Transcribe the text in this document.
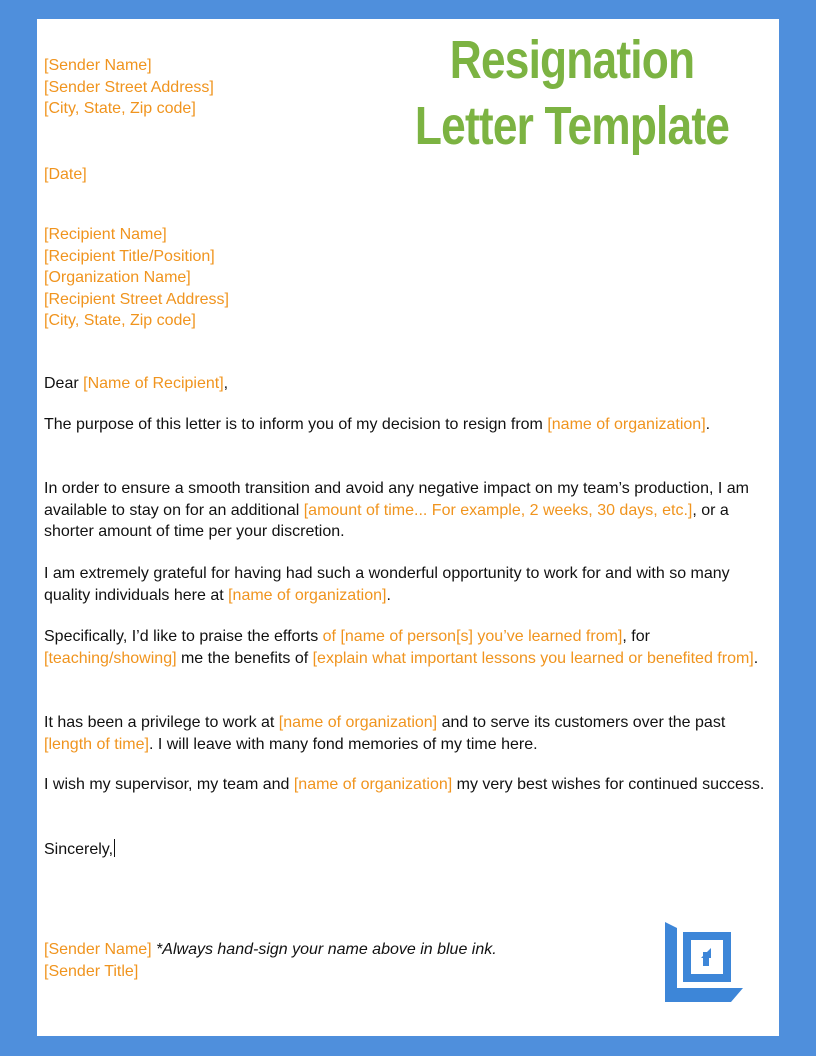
[Sender Name]
[Sender Street Address]
[City, State, Zip code]
Resignation
Letter Template
[Date]
[Recipient Name]
[Recipient Title/Position]
[Organization Name]
[Recipient Street Address]
[City, State, Zip code]

Dear [Name of Recipient],

The purpose of this letter is to inform you of my decision to resign from [name of organization].

In order to ensure a smooth transition and avoid any negative impact on my team’s production, I am available to stay on for an additional [amount of time... For example, 2 weeks, 30 days, etc.], or a shorter amount of time per your discretion.

I am extremely grateful for having had such a wonderful opportunity to work for and with so many quality individuals here at [name of organization].

Specifically, I’d like to praise the efforts of [name of person[s] you’ve learned from], for [teaching/showing] me the benefits of [explain what important lessons you learned or benefited from].

It has been a privilege to work at [name of organization] and to serve its customers over the past [length of time]. I will leave with many fond memories of my time here.

I wish my supervisor, my team and [name of organization] my very best wishes for continued success.

Sincerely,

[Sender Name] *Always hand-sign your name above in blue ink.
[Sender Title]
